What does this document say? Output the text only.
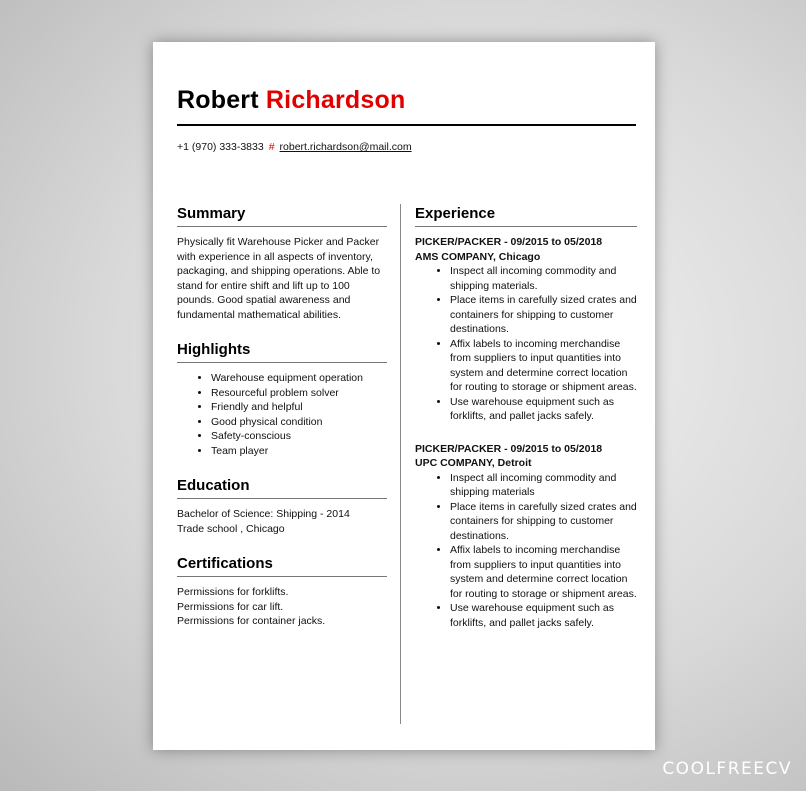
Robert Richardson
+1 (970) 333-3833 # robert.richardson@mail.com
Summary

Physically fit Warehouse Picker and Packer with experience in all aspects of inventory, packaging, and shipping operations. Able to stand for entire shift and lift up to 100 pounds. Good spatial awareness and fundamental mathematical abilities.

Highlights
• Warehouse equipment operation
• Resourceful problem solver
• Friendly and helpful
• Good physical condition
• Safety-conscious
• Team player
Education
Bachelor of Science: Shipping - 2014
Trade school , Chicago
Certifications
Permissions for forklifts.
Permissions for car lift.
Permissions for container jacks.
Experience

PICKER/PACKER - 09/2015 to 05/2018

AMS COMPANY, Chicago

• Inspect all incoming commodity and shipping materials.
• Place items in carefully sized crates and containers for shipping to customer destinations.
• Affix labels to incoming merchandise from suppliers to input quantities into system and determine correct location for routing to storage or shipment areas.
• Use warehouse equipment such as forklifts, and pallet jacks safely.

PICKER/PACKER - 09/2015 to 05/2018

UPC COMPANY, Detroit

• Inspect all incoming commodity and shipping materials
• Place items in carefully sized crates and containers for shipping to customer destinations.
• Affix labels to incoming merchandise from suppliers to input quantities into system and determine correct location for routing to storage or shipment areas.
• Use warehouse equipment such as forklifts, and pallet jacks safely.
COOLFREECV
